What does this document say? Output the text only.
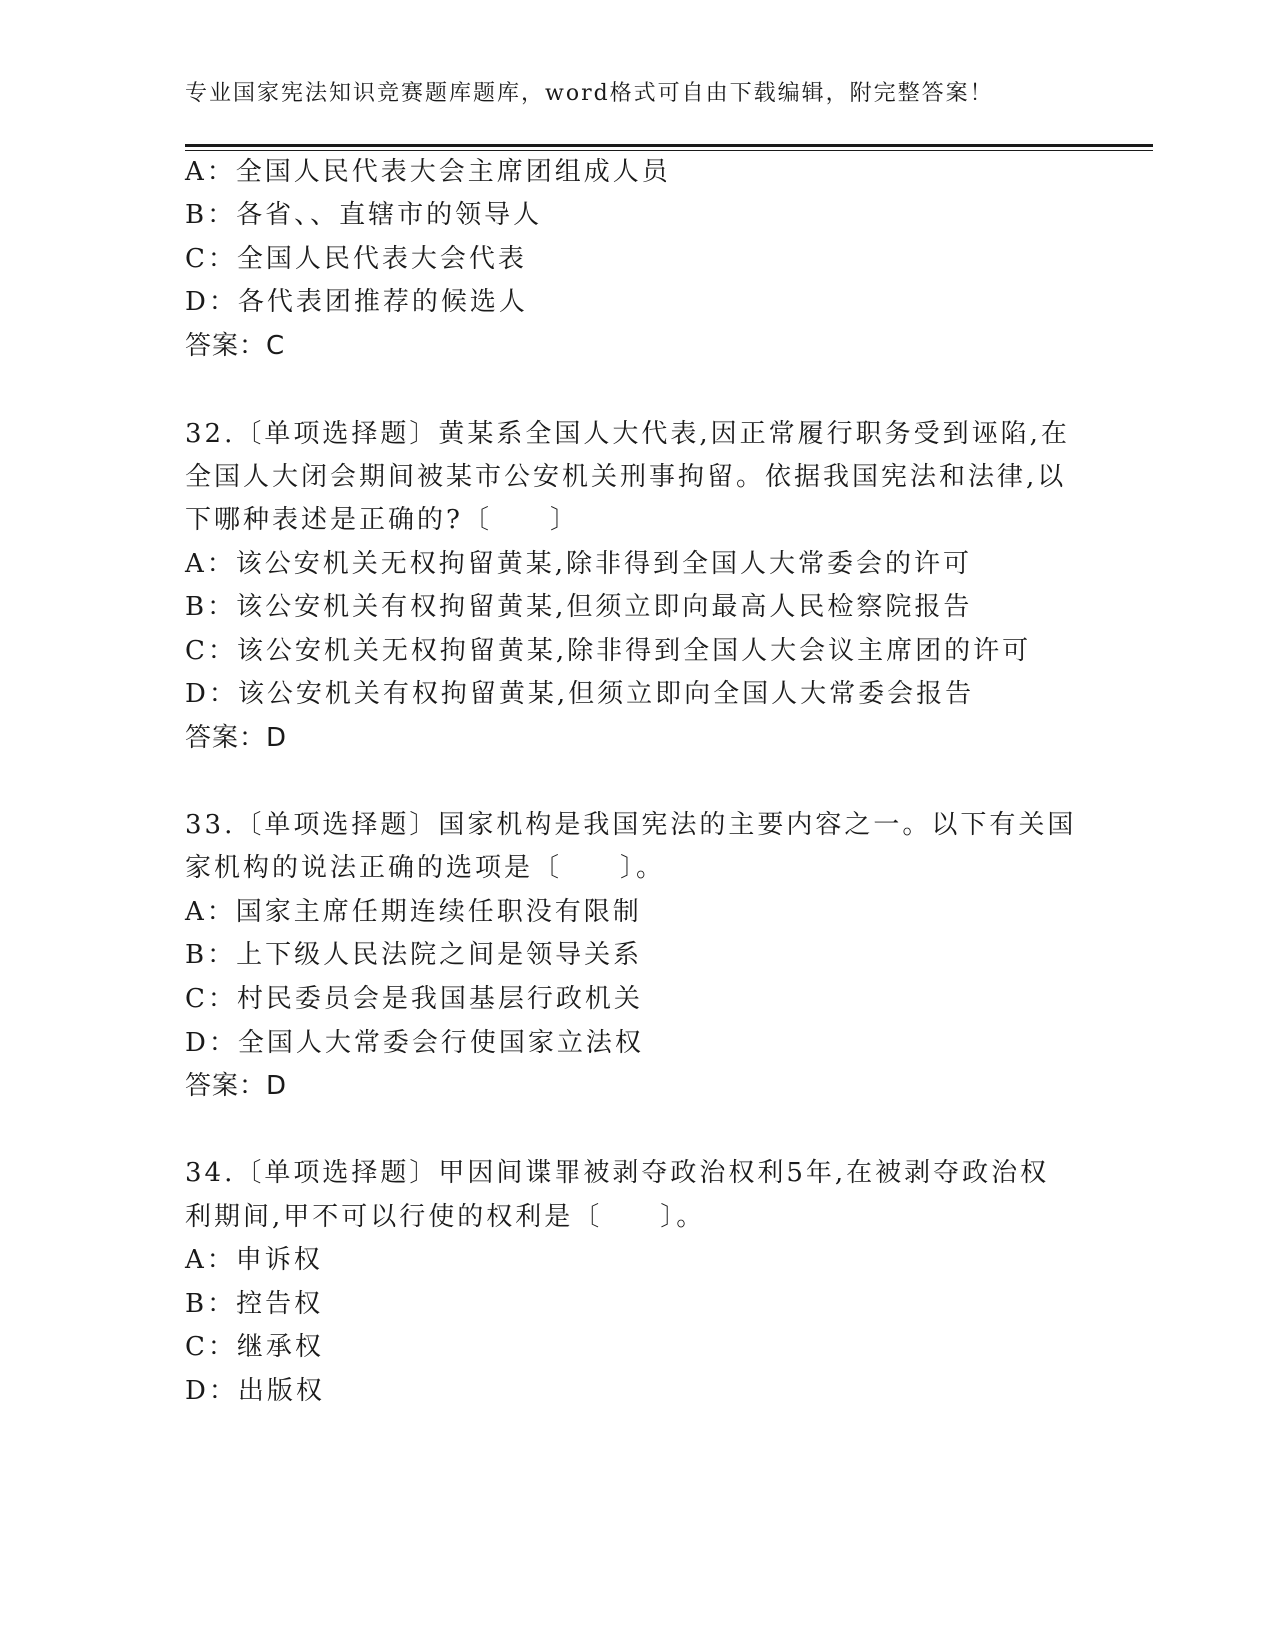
专业国家宪法知识竞赛题库题库，word格式可自由下载编辑，附完整答案！
A：全国人民代表大会主席团组成人员
B：各省、、直辖市的领导人
C：全国人民代表大会代表
D：各代表团推荐的候选人
答案：C
32.〔单项选择题〕黄某系全国人大代表,因正常履行职务受到诬陷,在
全国人大闭会期间被某市公安机关刑事拘留。依据我国宪法和法律,以
下哪种表述是正确的?〔　　〕
A：该公安机关无权拘留黄某,除非得到全国人大常委会的许可
B：该公安机关有权拘留黄某,但须立即向最高人民检察院报告
C：该公安机关无权拘留黄某,除非得到全国人大会议主席团的许可
D：该公安机关有权拘留黄某,但须立即向全国人大常委会报告
答案：D
33.〔单项选择题〕国家机构是我国宪法的主要内容之一。以下有关国
家机构的说法正确的选项是〔　　〕。
A：国家主席任期连续任职没有限制
B：上下级人民法院之间是领导关系
C：村民委员会是我国基层行政机关
D：全国人大常委会行使国家立法权
答案：D
34.〔单项选择题〕甲因间谍罪被剥夺政治权利5年,在被剥夺政治权
利期间,甲不可以行使的权利是〔　　〕。
A：申诉权
B：控告权
C：继承权
D：出版权
